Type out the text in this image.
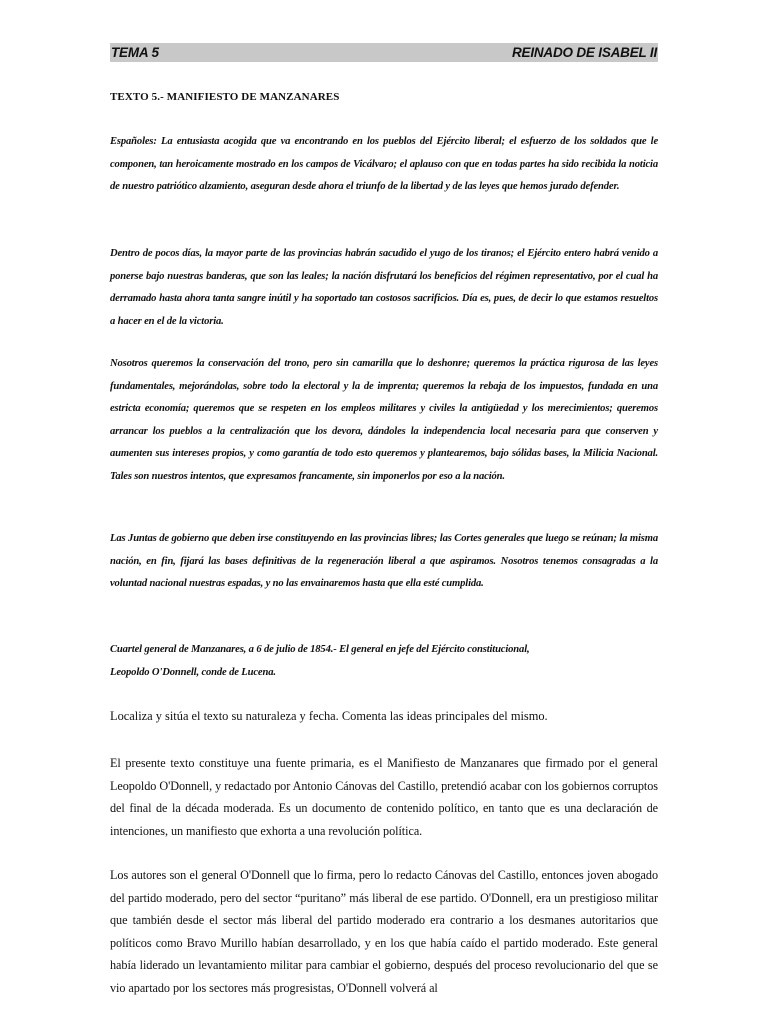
TEMA 5	REINADO DE ISABEL II
TEXTO 5.- MANIFIESTO DE MANZANARES

Españoles: La entusiasta acogida que va encontrando en los pueblos del Ejército liberal; el esfuerzo de los soldados que le componen, tan heroicamente mostrado en los campos de Vicálvaro; el aplauso con que en todas partes ha sido recibida la noticia de nuestro patriótico alzamiento, aseguran desde ahora el triunfo de la libertad y de las leyes que hemos jurado defender.

Dentro de pocos días, la mayor parte de las provincias habrán sacudido el yugo de los tiranos; el Ejército entero habrá venido a ponerse bajo nuestras banderas, que son las leales; la nación disfrutará los beneficios del régimen representativo, por el cual ha derramado hasta ahora tanta sangre inútil y ha soportado tan costosos sacrificios. Día es, pues, de decir lo que estamos resueltos a hacer en el de la victoria.

Nosotros queremos la conservación del trono, pero sin camarilla que lo deshonre; queremos la práctica rigurosa de las leyes fundamentales, mejorándolas, sobre todo la electoral y la de imprenta; queremos la rebaja de los impuestos, fundada en una estricta economía; queremos que se respeten en los empleos militares y civiles la antigüedad y los merecimientos; queremos arrancar los pueblos a la centralización que los devora, dándoles la independencia local necesaria para que conserven y aumenten sus intereses propios, y como garantía de todo esto queremos y plantearemos, bajo sólidas bases, la Milicia Nacional. Tales son nuestros intentos, que expresamos francamente, sin imponerlos por eso a la nación.

Las Juntas de gobierno que deben irse constituyendo en las provincias libres; las Cortes generales que luego se reúnan; la misma nación, en fin, fijará las bases definitivas de la regeneración liberal a que aspiramos. Nosotros tenemos consagradas a la voluntad nacional nuestras espadas, y no las envainaremos hasta que ella esté cumplida.

Cuartel general de Manzanares, a 6 de julio de 1854.- El general en jefe del Ejército constitucional,
Leopoldo O'Donnell, conde de Lucena.
Localiza y sitúa el texto su naturaleza y fecha. Comenta las ideas principales del mismo.

El presente texto constituye una fuente primaria, es el Manifiesto de Manzanares que firmado por el general Leopoldo O'Donnell, y redactado por Antonio Cánovas del Castillo, pretendió acabar con los gobiernos corruptos del final de la década moderada. Es un documento de contenido político, en tanto que es una declaración de intenciones, un manifiesto que exhorta a una revolución política.

Los autores son el general O'Donnell que lo firma, pero lo redacto Cánovas del Castillo, entonces joven abogado del partido moderado, pero del sector “puritano” más liberal de ese partido. O'Donnell, era un prestigioso militar que también desde el sector más liberal del partido moderado era contrario a los desmanes autoritarios que políticos como Bravo Murillo habían desarrollado, y en los que había caído el partido moderado. Este general había liderado un levantamiento militar para cambiar el gobierno, después del proceso revolucionario del que se vio apartado por los sectores más progresistas, O'Donnell volverá al
